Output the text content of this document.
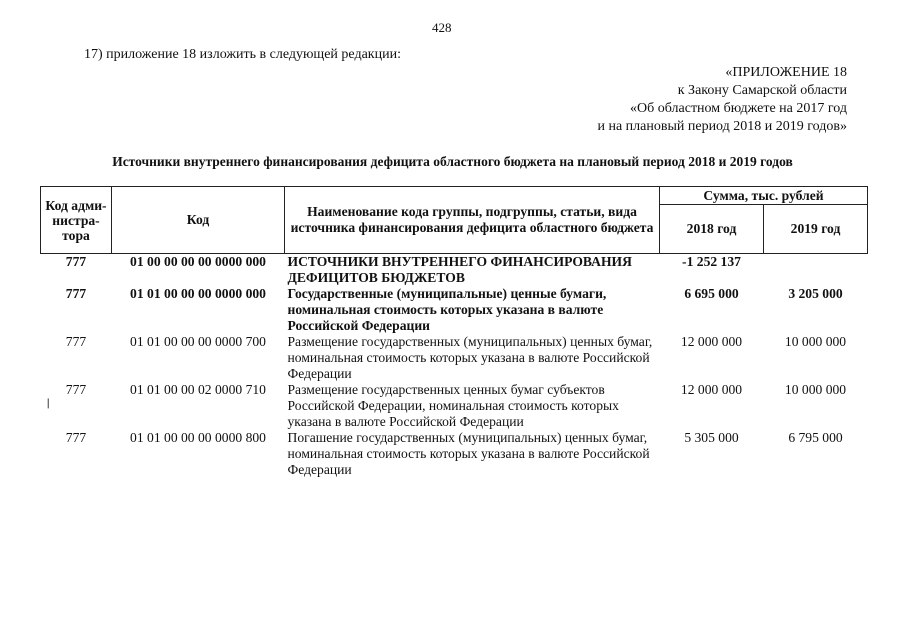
428
17) приложение 18 изложить в следующей редакции:
«ПРИЛОЖЕНИЕ 18
к Закону Самарской области
«Об областном бюджете на 2017 год
и на плановый период 2018 и 2019 годов»
Источники внутреннего финансирования дефицита областного бюджета на плановый период 2018 и 2019 годов
Код адми-нистра-тора	Код	Наименование кода группы, подгруппы, статьи, вида источника финансирования дефицита областного бюджета	Сумма, тыс. рублей	
			2018 год	2019 год
777	01 00 00 00 00 0000 000	ИСТОЧНИКИ ВНУТРЕННЕГО ФИНАНСИРОВАНИЯ ДЕФИЦИТОВ БЮДЖЕТОВ	-1 252 137	
777	01 01 00 00 00 0000 000	Государственные (муниципальные) ценные бумаги, номинальная стоимость которых указана в валюте Российской Федерации	6 695 000	3 205 000
777	01 01 00 00 00 0000 700	Размещение государственных (муниципальных) ценных бумаг, номинальная стоимость которых указана в валюте Российской Федерации	12 000 000	10 000 000
777	01 01 00 00 02 0000 710	Размещение государственных ценных бумаг субъектов Российской Федерации, номинальная стоимость которых указана в валюте Российской Федерации	12 000 000	10 000 000
777	01 01 00 00 00 0000 800	Погашение государственных (муниципальных) ценных бумаг, номинальная стоимость которых указана в валюте Российской Федерации	5 305 000	6 795 000
❘
